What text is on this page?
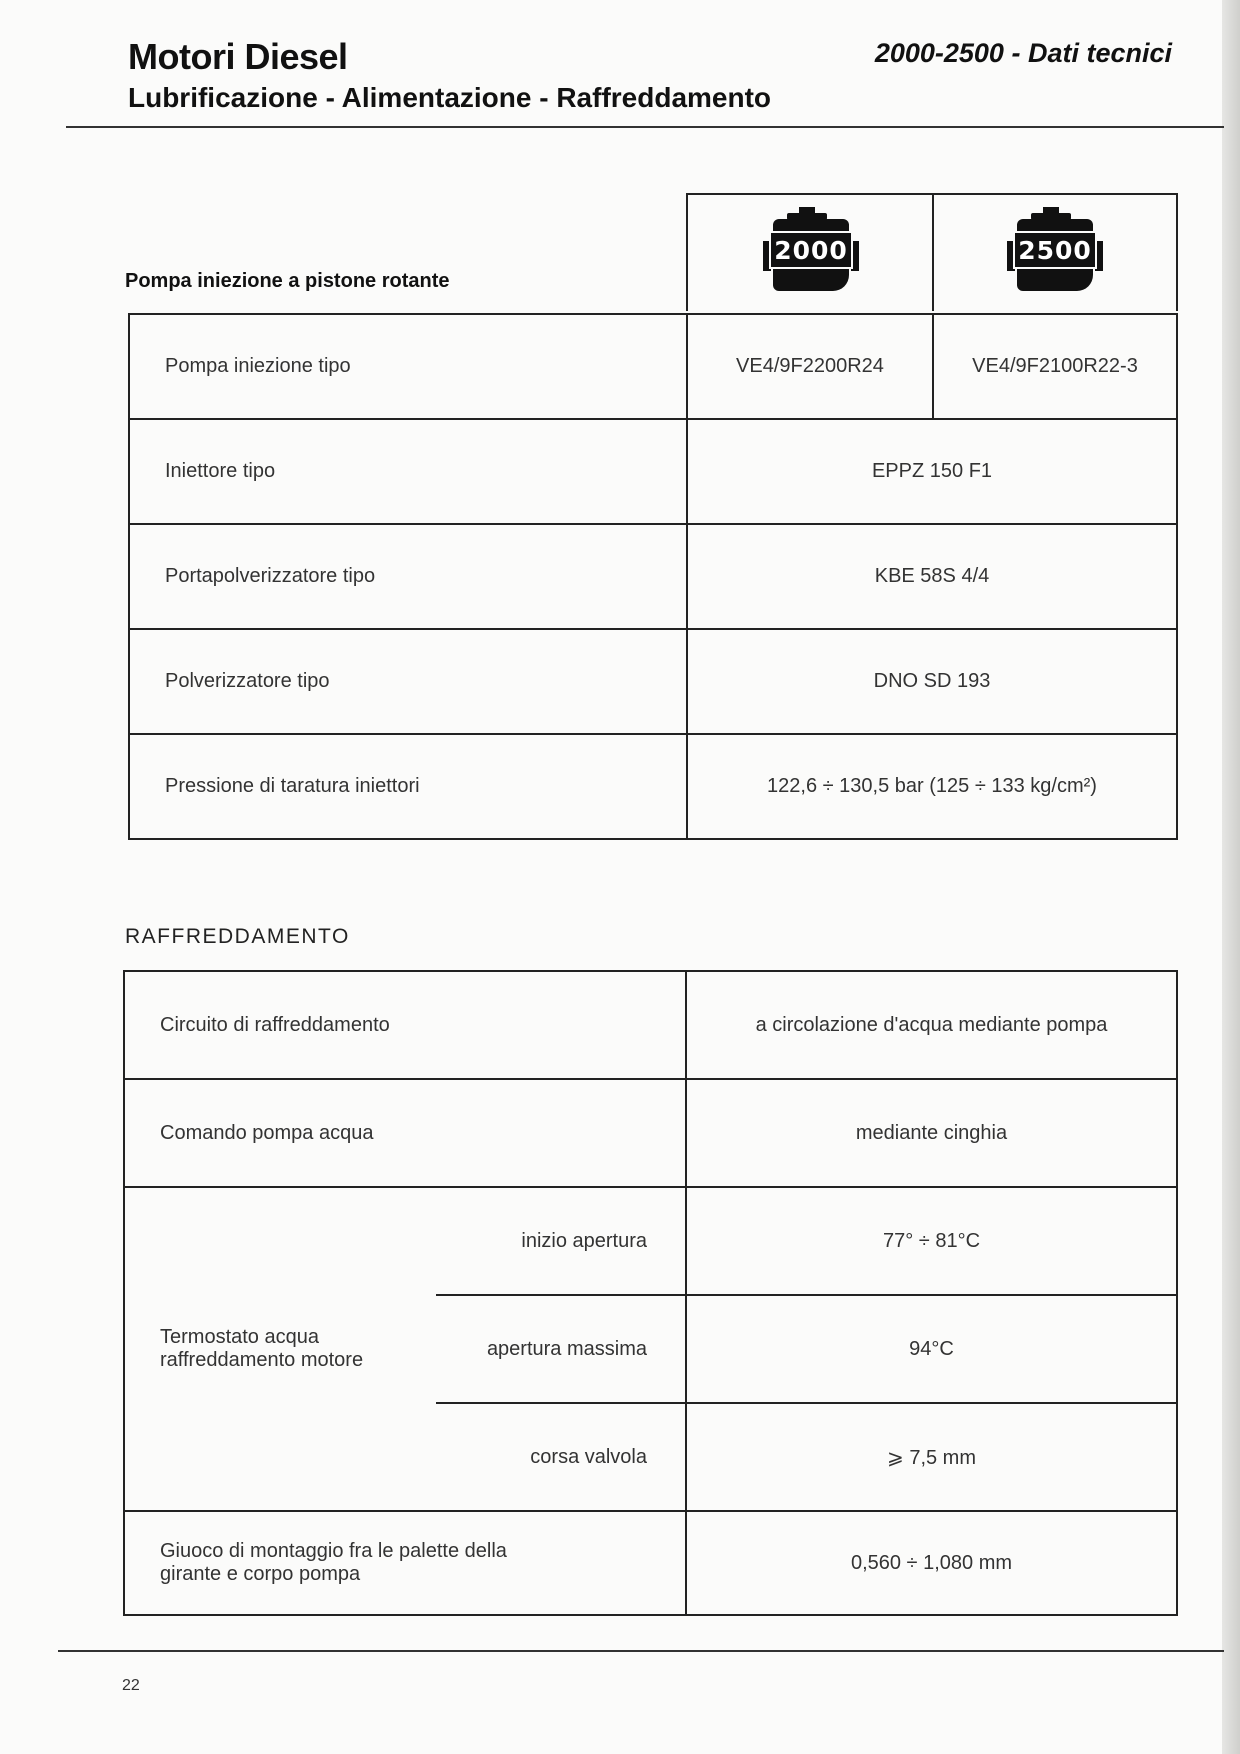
Motori Diesel
Lubrificazione - Alimentazione - Raffreddamento
2000-2500 - Dati tecnici
Pompa iniezione a pistone rotante
2000	2500
Pompa iniezione tipo	VE4/9F2200R24	VE4/9F2100R22-3
Iniettore tipo	EPPZ 150 F1	
Portapolverizzatore tipo	KBE 58S 4/4	
Polverizzatore tipo	DNO SD 193	
Pressione di taratura iniettori	122,6 ÷ 130,5 bar (125 ÷ 133 kg/cm²)	
RAFFREDDAMENTO
Circuito di raffreddamento		a circolazione d'acqua mediante pompa
Comando pompa acqua		mediante cinghia
Termostato acqua raffreddamento motore	inizio apertura	77° ÷ 81°C
	apertura massima	94°C
	corsa valvola	⩾ 7,5 mm
Giuoco di montaggio fra le palette della girante e corpo pompa		0,560 ÷ 1,080 mm
22
